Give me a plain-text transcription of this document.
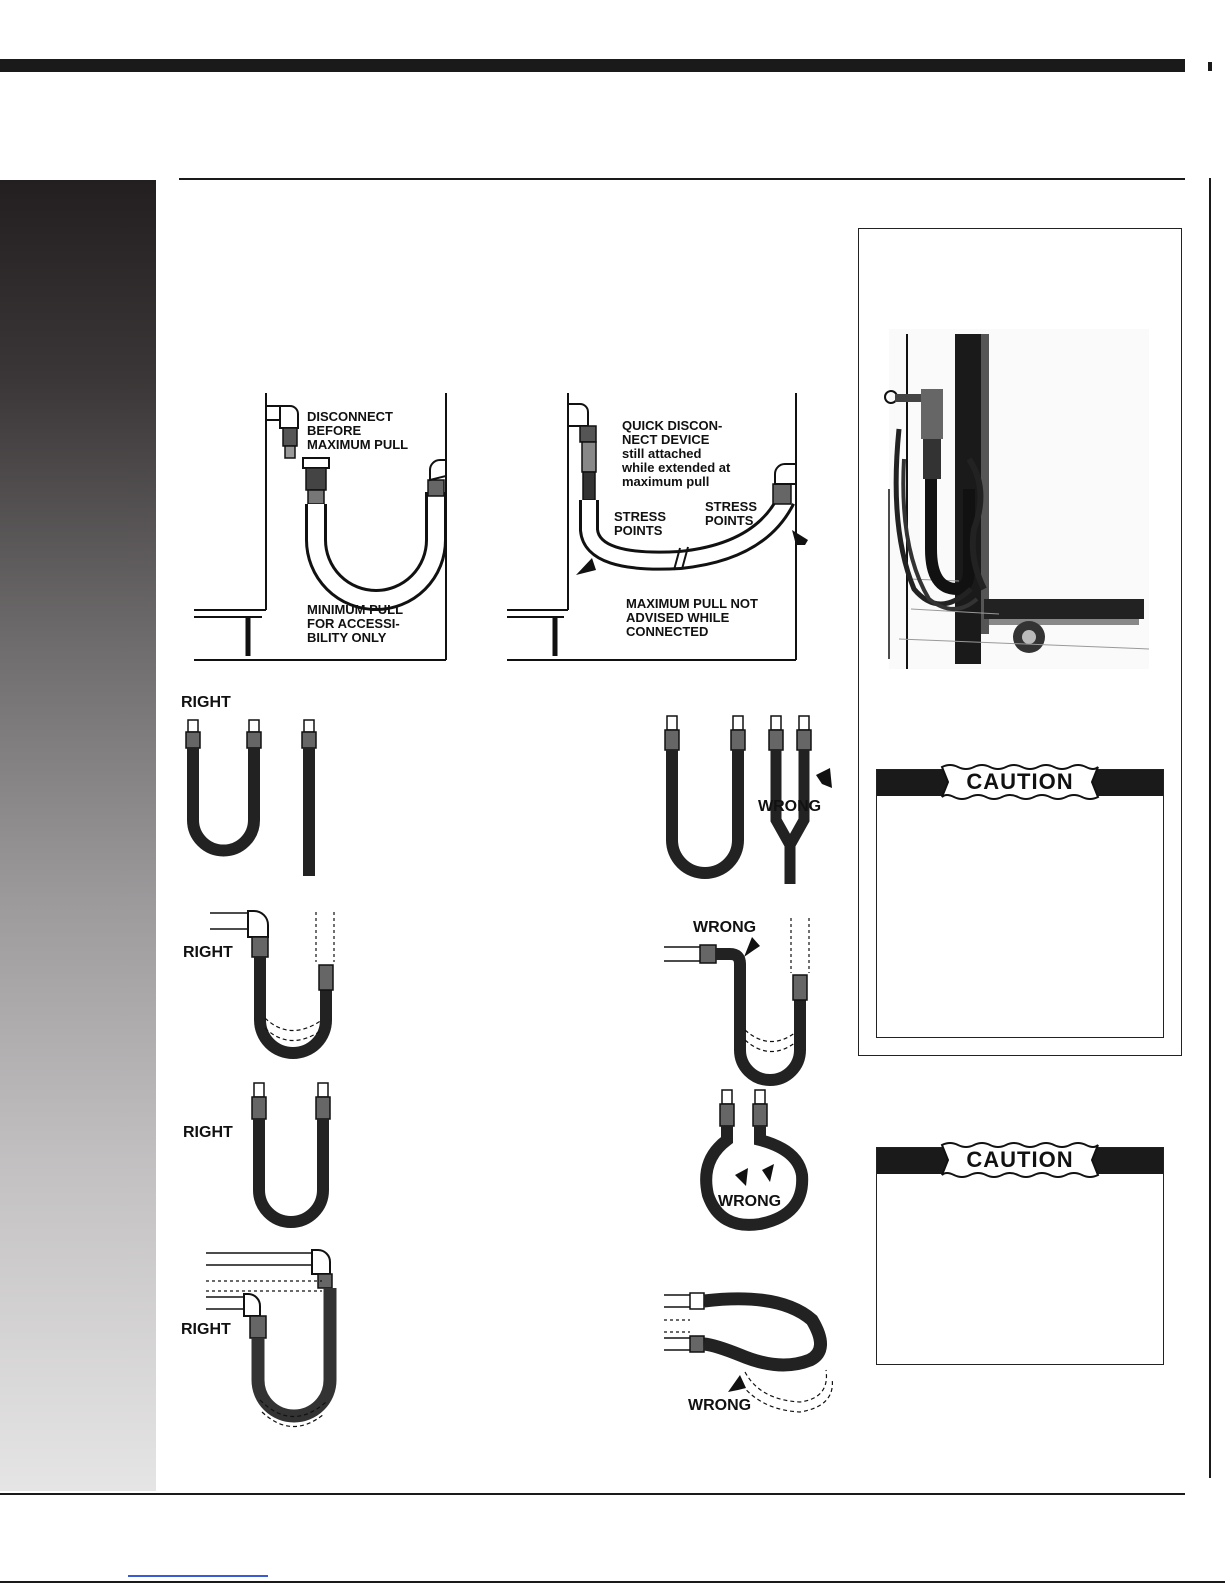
DISCONNECT BEFORE MAXIMUM PULL
MINIMUM PULL FOR ACCESSI-BILITY ONLY
QUICK DISCON-NECT DEVICE still attached while extended at maximum pull
STRESS POINTS
STRESS POINTS
MAXIMUM PULL NOT ADVISED WHILE CONNECTED
RIGHT
WRONG
RIGHT
WRONG
RIGHT
WRONG
RIGHT
WRONG
CAUTION
CAUTION
